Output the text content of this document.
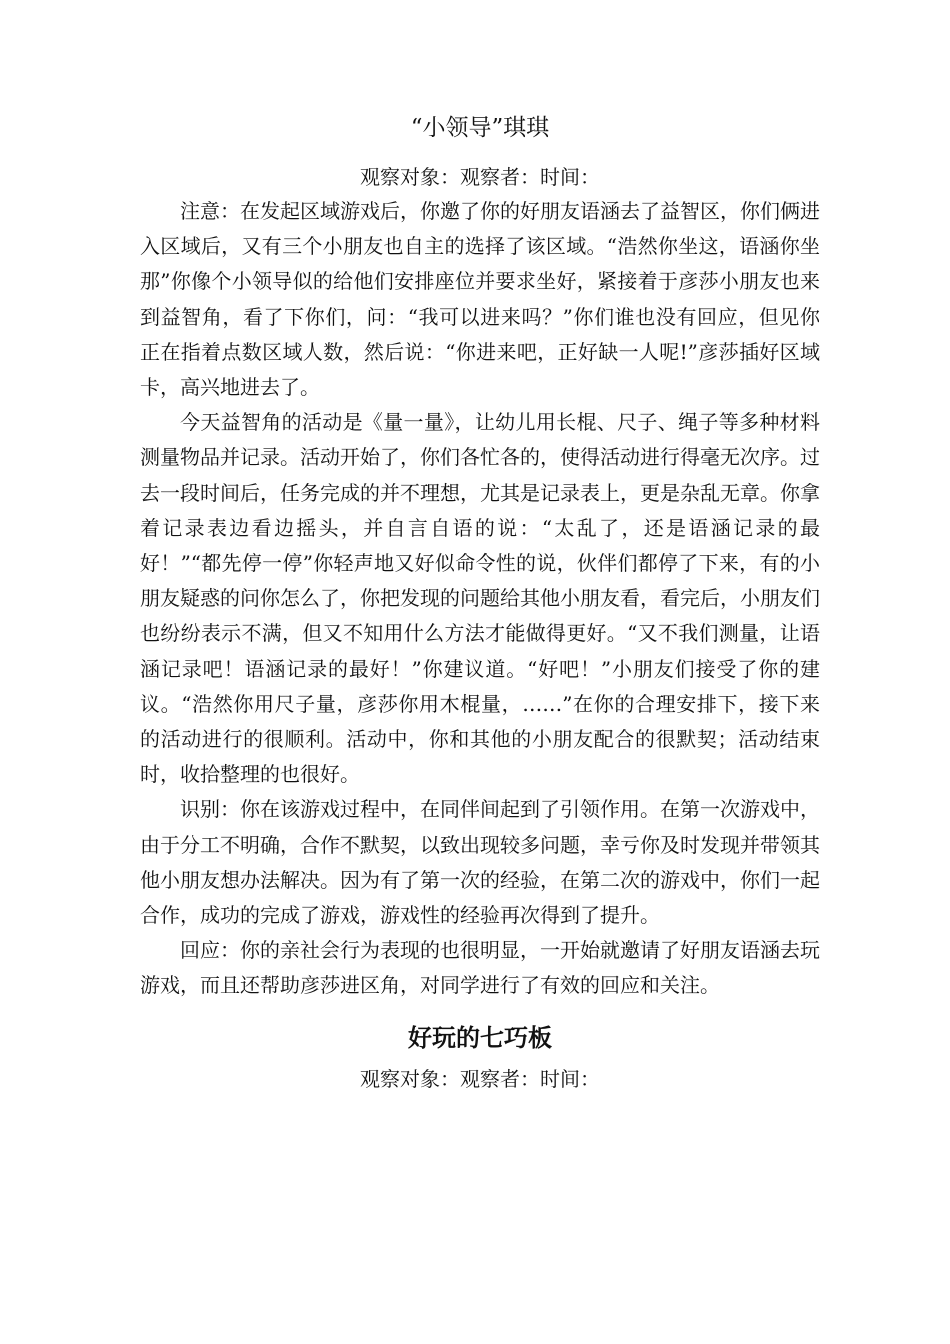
“小领导”琪琪

观察对象：观察者：时间：

注意：在发起区域游戏后，你邀了你的好朋友语涵去了益智区，你们俩进入区域后，又有三个小朋友也自主的选择了该区域。“浩然你坐这，语涵你坐那”你像个小领导似的给他们安排座位并要求坐好，紧接着于彦莎小朋友也来到益智角，看了下你们，问：“我可以进来吗？”你们谁也没有回应，但见你正在指着点数区域人数，然后说：“你进来吧，正好缺一人呢!”彦莎插好区域卡，高兴地进去了。

今天益智角的活动是《量一量》，让幼儿用长棍、尺子、绳子等多种材料测量物品并记录。活动开始了，你们各忙各的，使得活动进行得毫无次序。过去一段时间后，任务完成的并不理想，尤其是记录表上，更是杂乱无章。你拿着记录表边看边摇头，并自言自语的说：“太乱了，还是语涵记录的最好！”“都先停一停”你轻声地又好似命令性的说，伙伴们都停了下来，有的小朋友疑惑的问你怎么了，你把发现的问题给其他小朋友看，看完后，小朋友们也纷纷表示不满，但又不知用什么方法才能做得更好。“又不我们测量，让语涵记录吧！语涵记录的最好！”你建议道。“好吧！”小朋友们接受了你的建议。“浩然你用尺子量，彦莎你用木棍量，……”在你的合理安排下，接下来的活动进行的很顺利。活动中，你和其他的小朋友配合的很默契；活动结束时，收拾整理的也很好。

识别：你在该游戏过程中，在同伴间起到了引领作用。在第一次游戏中，由于分工不明确，合作不默契，以致出现较多问题，幸亏你及时发现并带领其他小朋友想办法解决。因为有了第一次的经验，在第二次的游戏中，你们一起合作，成功的完成了游戏，游戏性的经验再次得到了提升。

回应：你的亲社会行为表现的也很明显，一开始就邀请了好朋友语涵去玩游戏，而且还帮助彦莎进区角，对同学进行了有效的回应和关注。

好玩的七巧板

观察对象：观察者：时间：
